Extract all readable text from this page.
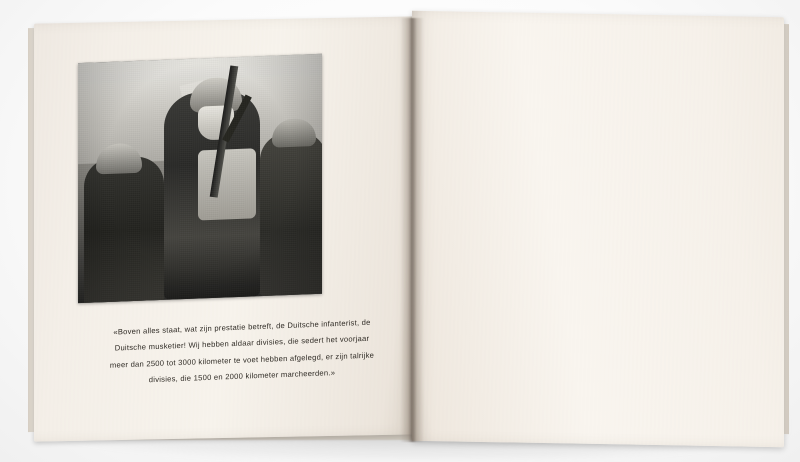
«Boven alles staat, wat zijn prestatie betreft, de Duitsche infanterist, de

Duitsche musketier! Wij hebben aldaar divisies, die sedert het voorjaar

meer dan 2500 tot 3000 kilometer te voet hebben afgelegd, er zijn talrijke

divisies, die 1500 en 2000 kilometer marcheerden.»
